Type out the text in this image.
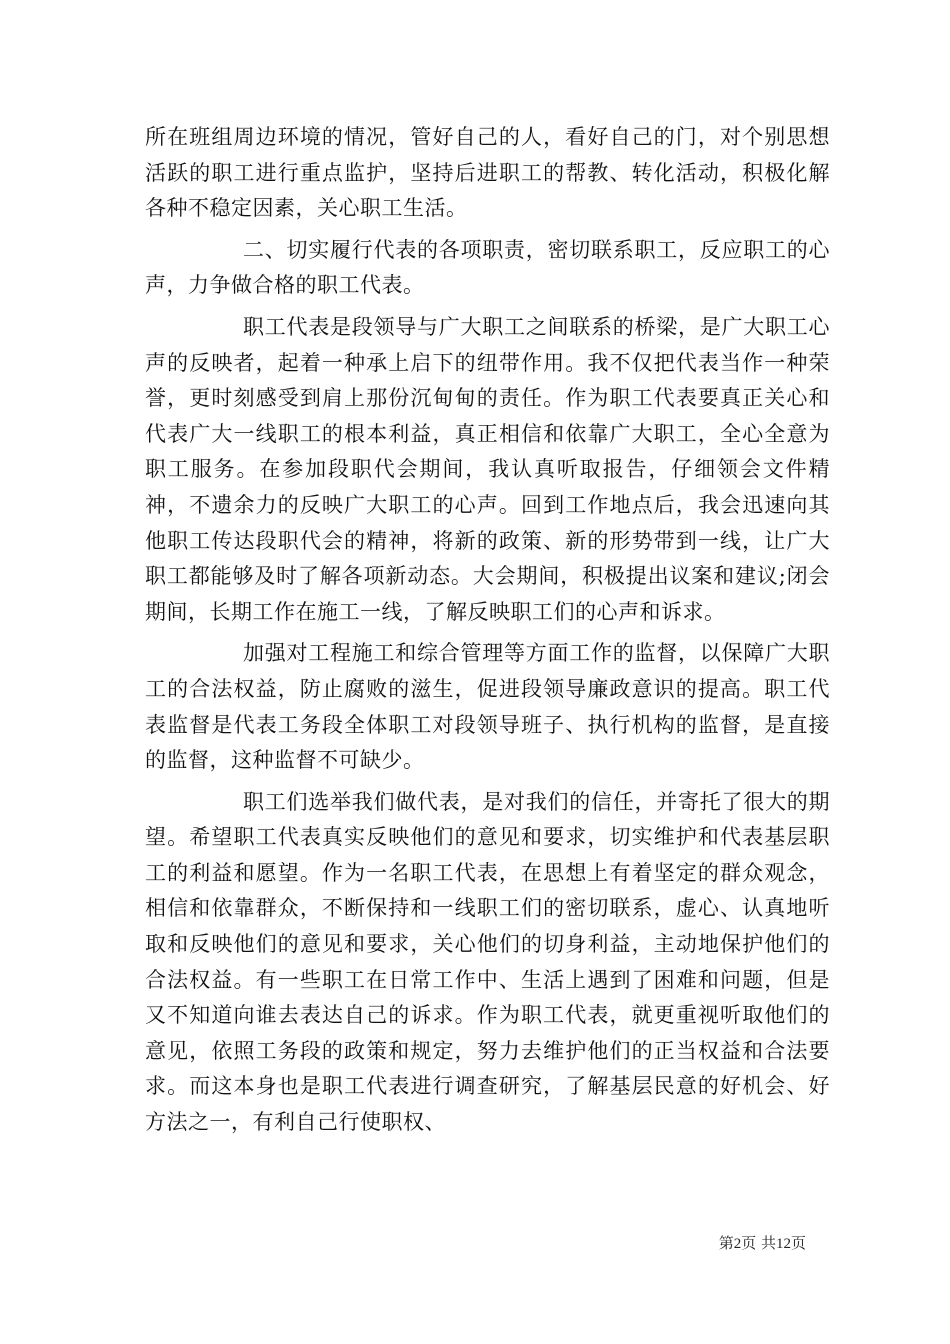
所在班组周边环境的情况，管好自己的人，看好自己的门，对个别思想活跃的职工进行重点监护，坚持后进职工的帮教、转化活动，积极化解各种不稳定因素，关心职工生活。

二、切实履行代表的各项职责，密切联系职工，反应职工的心声，力争做合格的职工代表。

职工代表是段领导与广大职工之间联系的桥梁，是广大职工心声的反映者，起着一种承上启下的纽带作用。我不仅把代表当作一种荣誉，更时刻感受到肩上那份沉甸甸的责任。作为职工代表要真正关心和代表广大一线职工的根本利益，真正相信和依靠广大职工，全心全意为职工服务。在参加段职代会期间，我认真听取报告，仔细领会文件精神，不遗余力的反映广大职工的心声。回到工作地点后，我会迅速向其他职工传达段职代会的精神，将新的政策、新的形势带到一线，让广大职工都能够及时了解各项新动态。大会期间，积极提出议案和建议;闭会期间，长期工作在施工一线，了解反映职工们的心声和诉求。

加强对工程施工和综合管理等方面工作的监督，以保障广大职工的合法权益，防止腐败的滋生，促进段领导廉政意识的提高。职工代表监督是代表工务段全体职工对段领导班子、执行机构的监督，是直接的监督，这种监督不可缺少。

职工们选举我们做代表，是对我们的信任，并寄托了很大的期望。希望职工代表真实反映他们的意见和要求，切实维护和代表基层职工的利益和愿望。作为一名职工代表，在思想上有着坚定的群众观念，相信和依靠群众，不断保持和一线职工们的密切联系，虚心、认真地听取和反映他们的意见和要求，关心他们的切身利益，主动地保护他们的合法权益。有一些职工在日常工作中、生活上遇到了困难和问题，但是又不知道向谁去表达自己的诉求。作为职工代表，就更重视听取他们的意见，依照工务段的政策和规定，努力去维护他们的正当权益和合法要求。而这本身也是职工代表进行调查研究，了解基层民意的好机会、好方法之一，有利自己行使职权、

第2页 共12页
